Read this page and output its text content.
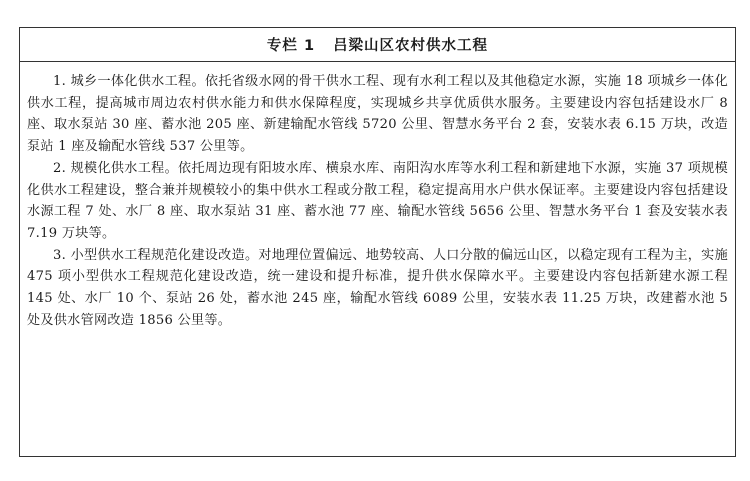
专栏 1 吕梁山区农村供水工程

1. 城乡一体化供水工程。依托省级水网的骨干供水工程、现有水利工程以及其他稳定水源，实施 18 项城乡一体化供水工程，提高城市周边农村供水能力和供水保障程度，实现城乡共享优质供水服务。主要建设内容包括建设水厂 8 座、取水泵站 30 座、蓄水池 205 座、新建输配水管线 5720 公里、智慧水务平台 2 套，安装水表 6.15 万块，改造泵站 1 座及输配水管线 537 公里等。

2. 规模化供水工程。依托周边现有阳坡水库、横泉水库、南阳沟水库等水利工程和新建地下水源，实施 37 项规模化供水工程建设，整合兼并规模较小的集中供水工程或分散工程，稳定提高用水户供水保证率。主要建设内容包括建设水源工程 7 处、水厂 8 座、取水泵站 31 座、蓄水池 77 座、输配水管线 5656 公里、智慧水务平台 1 套及安装水表 7.19 万块等。

3. 小型供水工程规范化建设改造。对地理位置偏远、地势较高、人口分散的偏远山区，以稳定现有工程为主，实施 475 项小型供水工程规范化建设改造，统一建设和提升标准，提升供水保障水平。主要建设内容包括新建水源工程 145 处、水厂 10 个、泵站 26 处，蓄水池 245 座，输配水管线 6089 公里，安装水表 11.25 万块，改建蓄水池 5 处及供水管网改造 1856 公里等。
